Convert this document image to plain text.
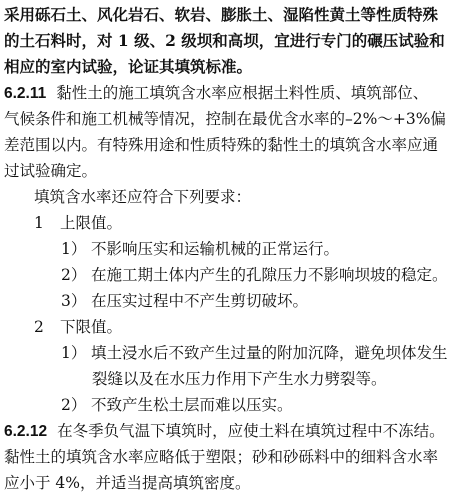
采用砾石土、风化岩石、软岩、膨胀土、湿陷性黄土等性质特殊
的土石料时，对 1 级、2 级坝和高坝，宜进行专门的碾压试验和
相应的室内试验，论证其填筑标准。
6.2.11 黏性土的施工填筑含水率应根据土料性质、填筑部位、
气候条件和施工机械等情况，控制在最优含水率的–2%～+3%偏
差范围以内。有特殊用途和性质特殊的黏性土的填筑含水率应通
过试验确定。
填筑含水率还应符合下列要求：
1 上限值。
1） 不影响压实和运输机械的正常运行。
2） 在施工期土体内产生的孔隙压力不影响坝坡的稳定。
3） 在压实过程中不产生剪切破坏。
2 下限值。
1） 填土浸水后不致产生过量的附加沉降，避免坝体发生
裂缝以及在水压力作用下产生水力劈裂等。
2） 不致产生松土层而难以压实。
6.2.12 在冬季负气温下填筑时，应使土料在填筑过程中不冻结。
黏性土的填筑含水率应略低于塑限；砂和砂砾料中的细料含水率
应小于 4%，并适当提高填筑密度。
